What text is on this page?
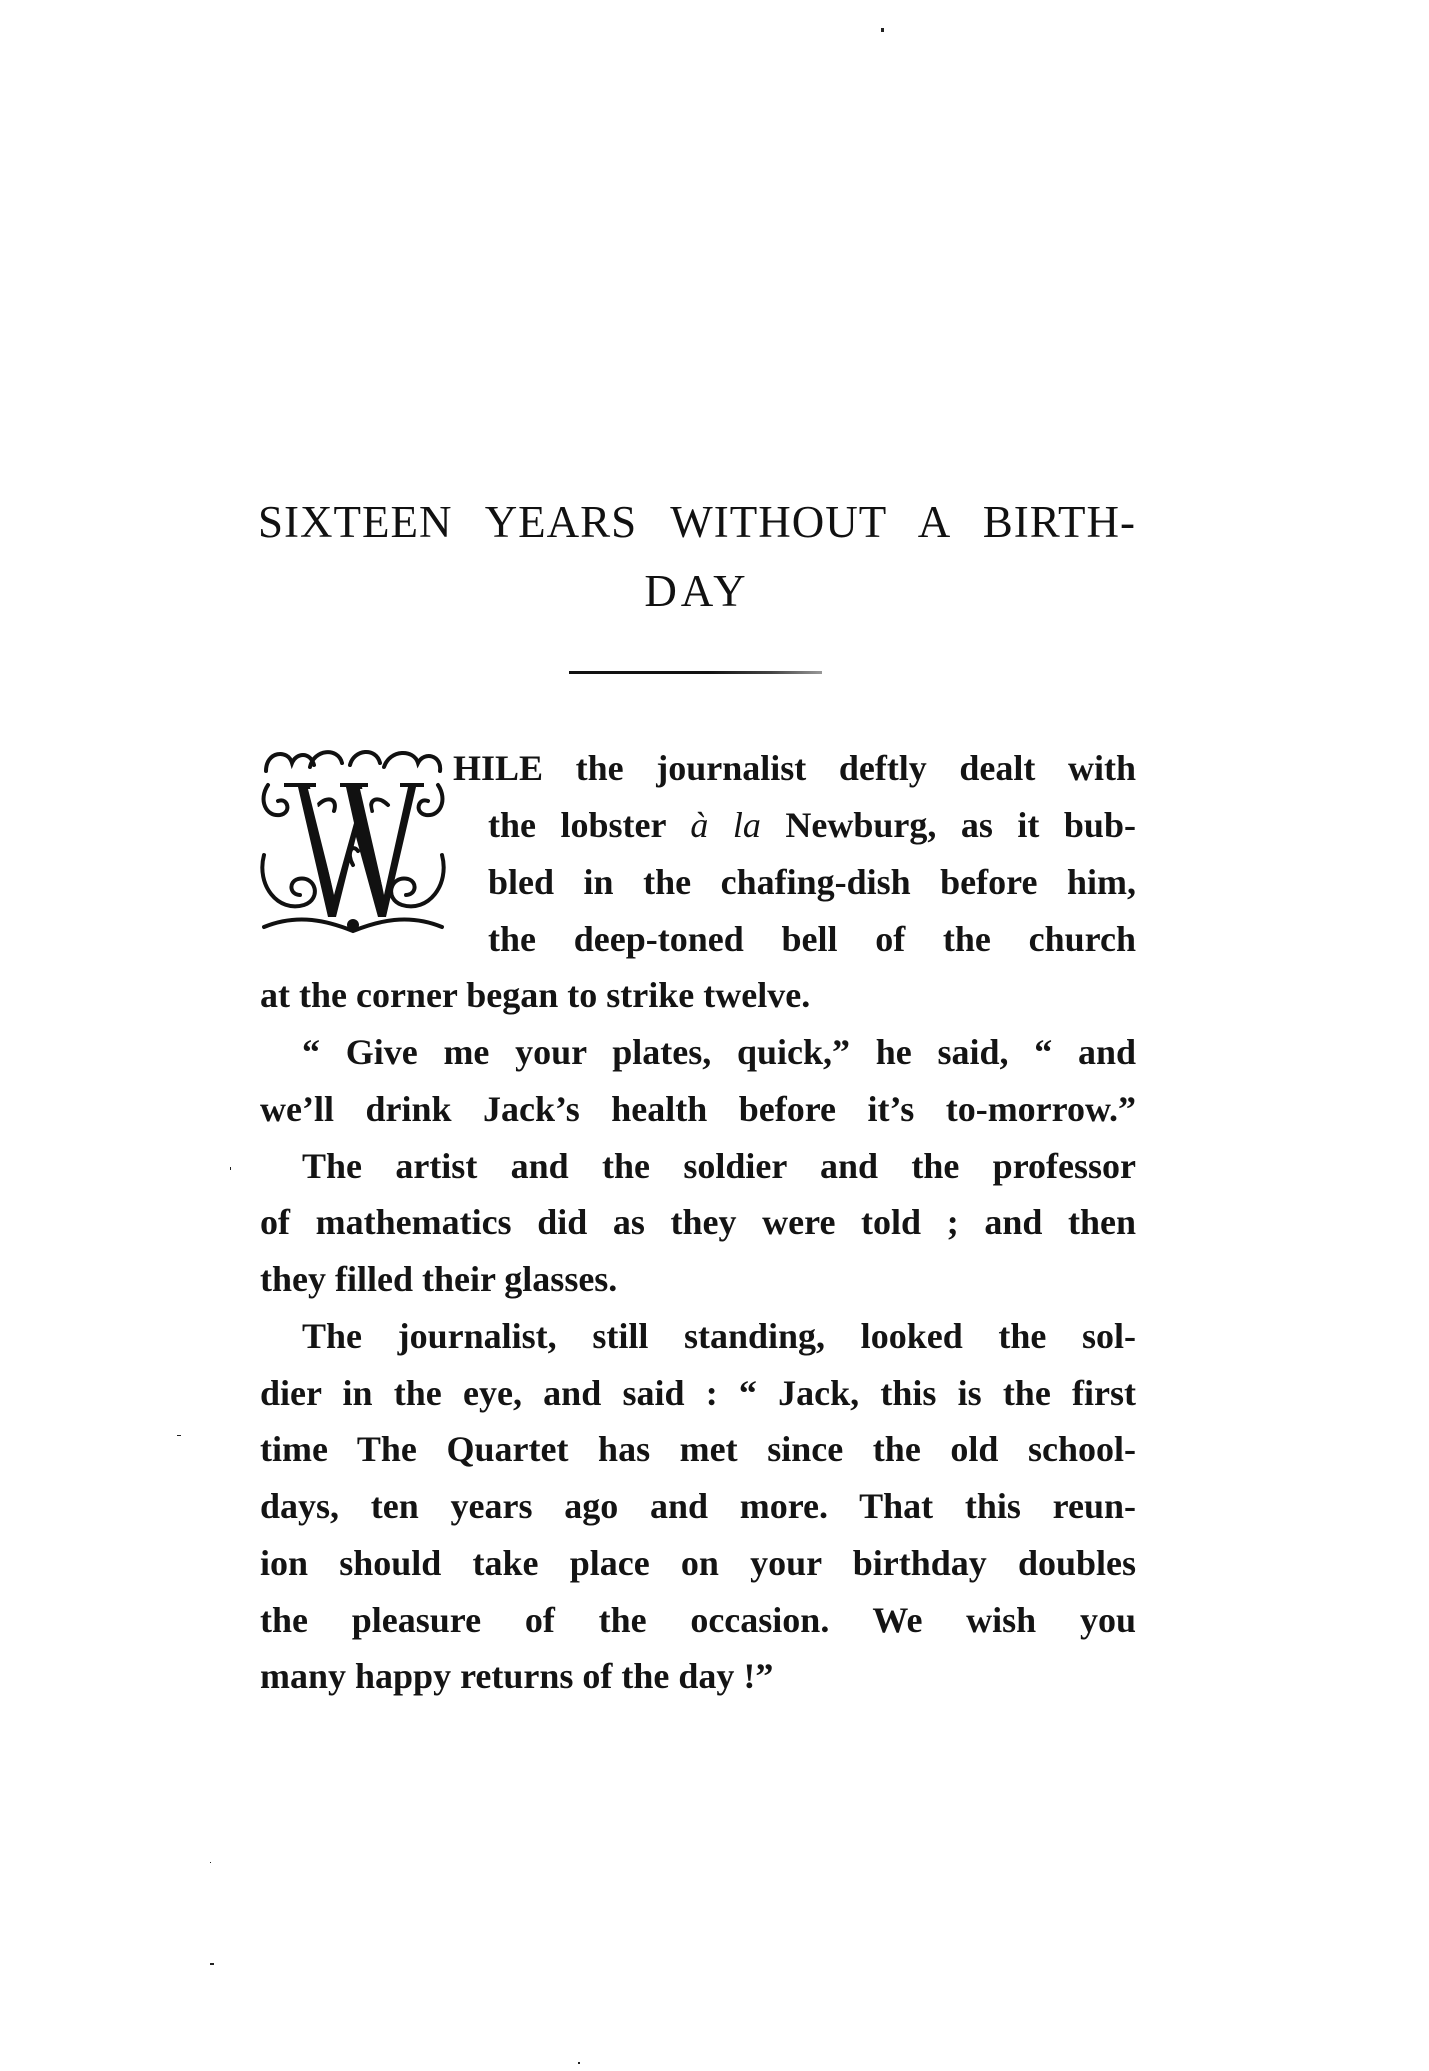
SIXTEEN YEARS WITHOUT A BIRTH-
DAY
HILE the journalist deftly dealt with
the lobster à la Newburg, as it bub-
bled in the chafing-dish before him,
the deep-toned bell of the church
at the corner began to strike twelve.
“ Give me your plates, quick,” he said, “ and
we’ll drink Jack’s health before it’s to-morrow.”
The artist and the soldier and the professor
of mathematics did as they were told ; and then
they filled their glasses.
The journalist, still standing, looked the sol-
dier in the eye, and said : “ Jack, this is the first
time The Quartet has met since the old school-
days, ten years ago and more. That this reun-
ion should take place on your birthday doubles
the pleasure of the occasion. We wish you
many happy returns of the day !”
